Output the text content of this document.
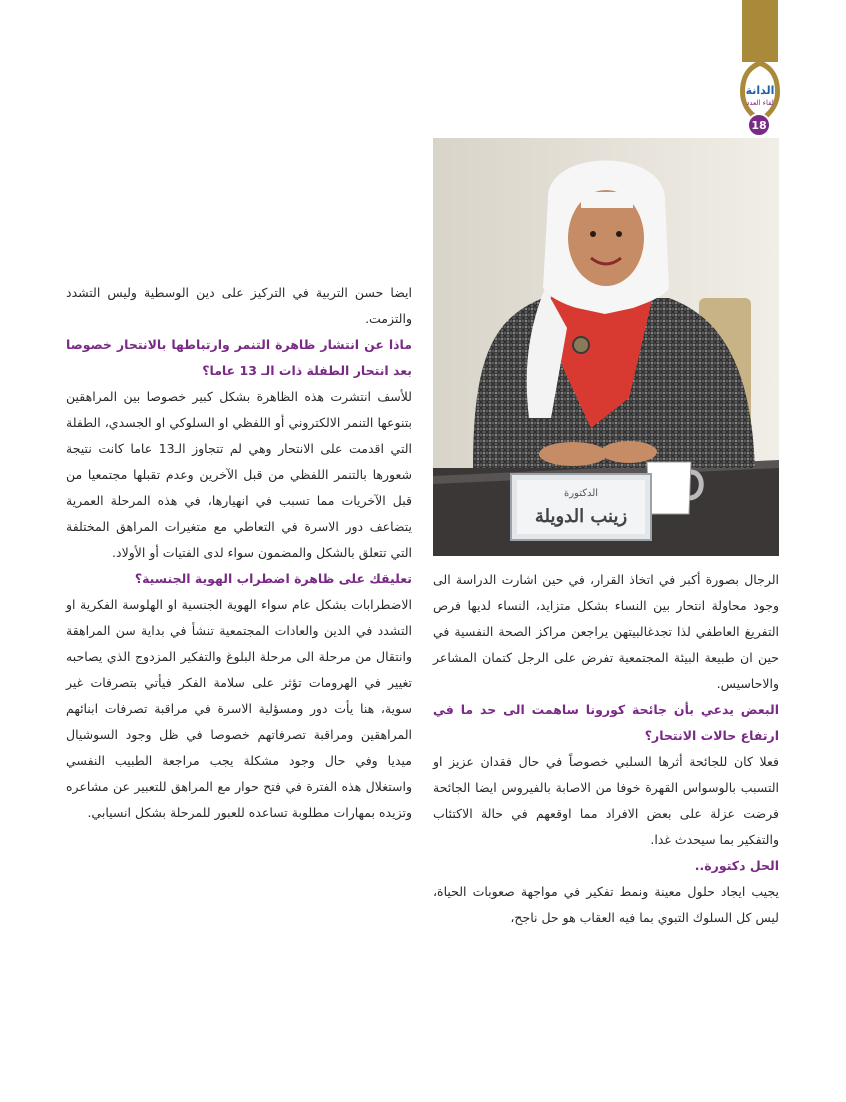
الدانة
لقاء العدد
18
الدكتورة
زينب الدويلة

ايضا حسن التربية في التركيز على دين الوسطية وليس التشدد والتزمت.

ماذا عن انتشار ظاهرة التنمر وارتباطها بالانتحار خصوصا بعد انتحار الطفلة ذات الـ 13 عاما؟

للأسف انتشرت هذه الظاهرة بشكل كبير خصوصا بين المراهقين بتنوعها التنمر الالكتروني أو اللفظي او السلوكي او الجسدي، الطفلة التي اقدمت على الانتحار وهي لم تتجاوز الـ13 عاما كانت نتيجة شعورها بالتنمر اللفظي من قبل الآخرين وعدم تقبلها مجتمعيا من قبل الآخريات مما تسبب في انهيارها، في هذه المرحلة العمرية يتضاعف دور الاسرة في التعاطي مع متغيرات المراهق المختلفة التي تتعلق بالشكل والمضمون سواء لدى الفتيات أو الأولاد.

تعليقك على ظاهرة اضطراب الهوية الجنسية؟

الاضطرابات بشكل عام سواء الهوية الجنسية او الهلوسة الفكرية او التشدد في الدين والعادات المجتمعية تنشأ في بداية سن المراهقة وانتقال من مرحلة الى مرحلة البلوغ والتفكير المزدوج الذي يصاحبه تغيير في الهرومات تؤثر على سلامة الفكر فيأتي بتصرفات غير سوية، هنا يأت دور ومسؤلية الاسرة في مراقبة تصرفات ابنائهم المراهقين ومراقبة تصرفاتهم خصوصا في ظل وجود السوشيال ميديا وفي حال وجود مشكلة يجب مراجعة الطبيب النفسي واستغلال هذه الفترة في فتح حوار مع المراهق للتعبير عن مشاعره وتزيده بمهارات مطلوبة تساعده للعبور للمرحلة بشكل انسيابي.

الرجال بصورة أكبر في اتخاذ القرار، في حين اشارت الدراسة الى وجود محاولة انتحار بين النساء بشكل متزايد، النساء لديها فرص التفريغ العاطفي لذا تجدغالبيتهن يراجعن مراكز الصحة النفسية في حين ان طبيعة البيئة المجتمعية تفرض على الرجل كتمان المشاعر والاحاسيس.

البعض يدعي بأن جائحة كورونا ساهمت الى حد ما في ارتفاع حالات الانتحار؟

فعلا كان للجائحة أثرها السلبي خصوصاً في حال فقدان عزيز او التسبب بالوسواس القهرة خوفا من الاصابة بالفيروس ايضا الجائحة فرضت عزلة على بعض الافراد مما اوقعهم في حالة الاكتئاب والتفكير بما سيحدث غدا.

الحل دكتورة..

يجيب ايجاد حلول معينة ونمط تفكير في مواجهة صعوبات الحياة، ليس كل السلوك التبوي بما فيه العقاب هو حل ناجح،
